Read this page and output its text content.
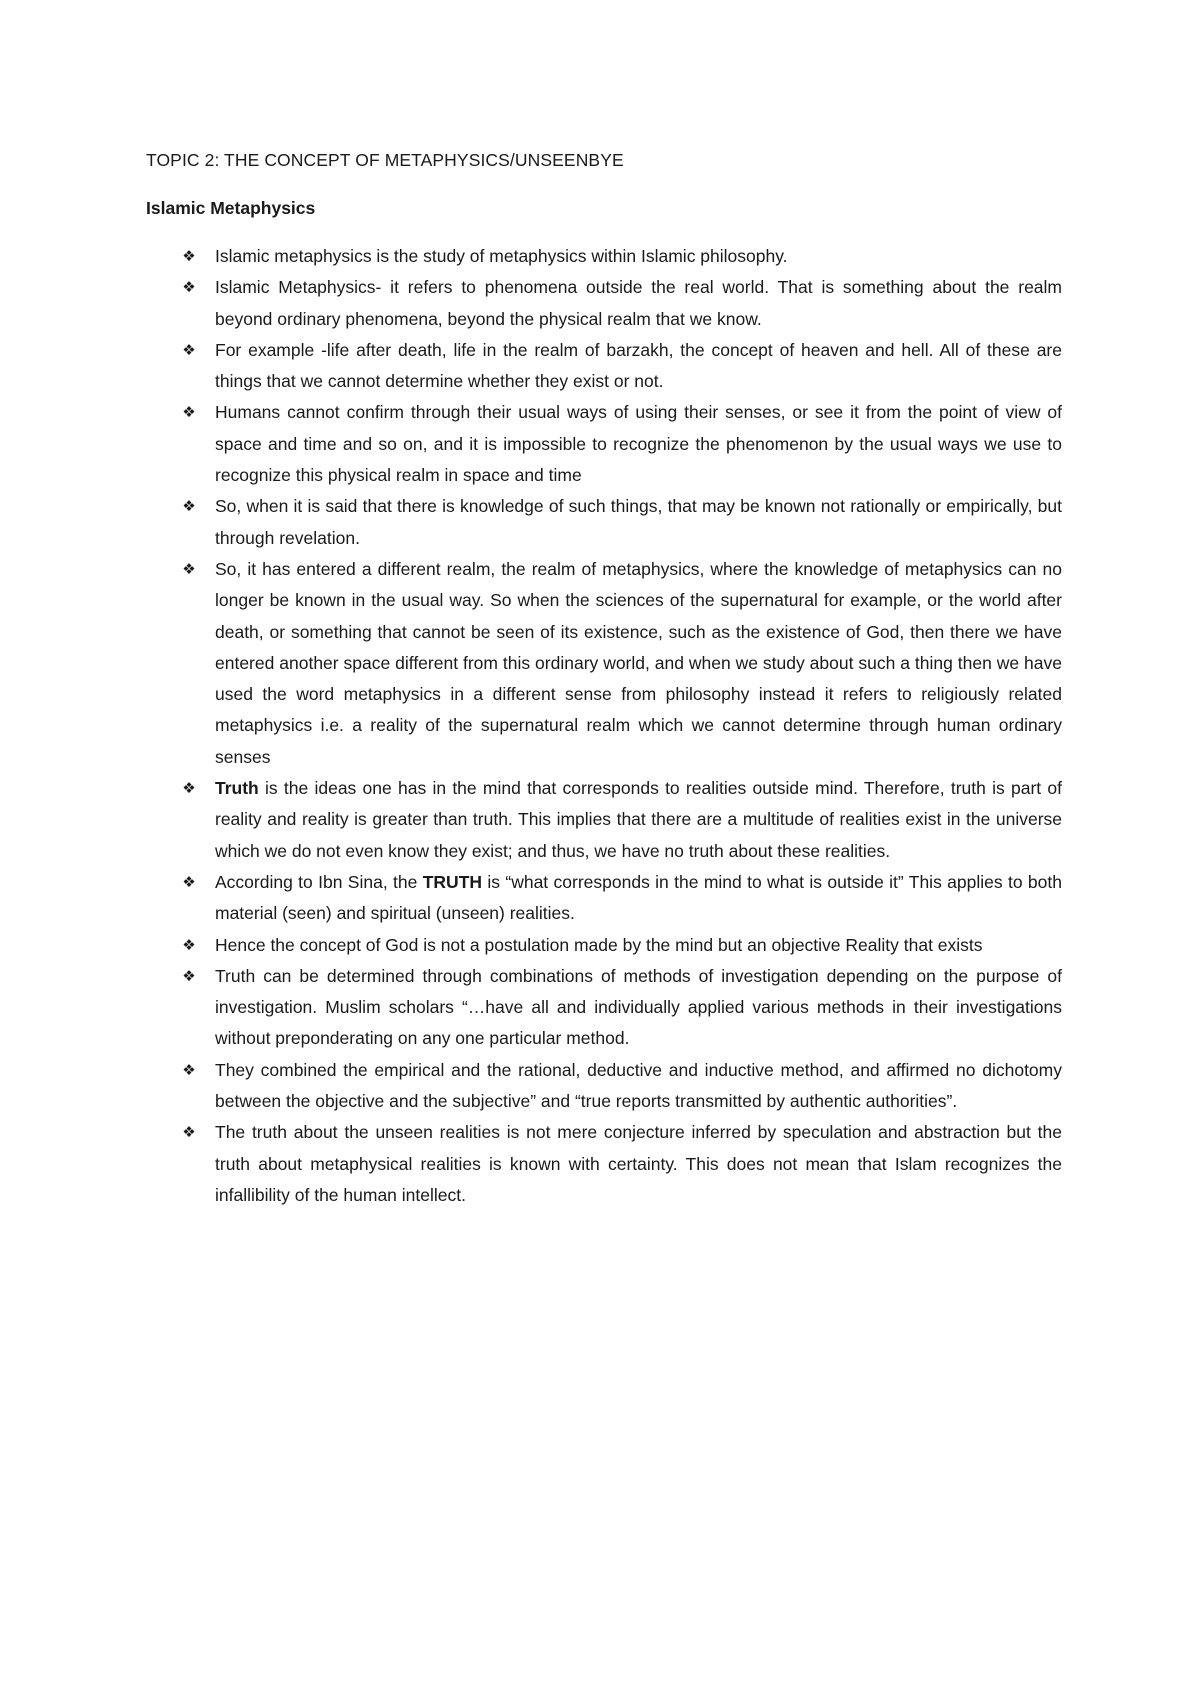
TOPIC 2: THE CONCEPT OF METAPHYSICS/UNSEENBYE
Islamic Metaphysics
❖ Islamic metaphysics is the study of metaphysics within Islamic philosophy.
❖ Islamic Metaphysics- it refers to phenomena outside the real world. That is something about the realm beyond ordinary phenomena, beyond the physical realm that we know.
❖ For example -life after death, life in the realm of barzakh, the concept of heaven and hell. All of these are things that we cannot determine whether they exist or not.
❖ Humans cannot confirm through their usual ways of using their senses, or see it from the point of view of space and time and so on, and it is impossible to recognize the phenomenon by the usual ways we use to recognize this physical realm in space and time
❖ So, when it is said that there is knowledge of such things, that may be known not rationally or empirically, but through revelation.
❖ So, it has entered a different realm, the realm of metaphysics, where the knowledge of metaphysics can no longer be known in the usual way. So when the sciences of the supernatural for example, or the world after death, or something that cannot be seen of its existence, such as the existence of God, then there we have entered another space different from this ordinary world, and when we study about such a thing then we have used the word metaphysics in a different sense from philosophy instead it refers to religiously related metaphysics i.e. a reality of the supernatural realm which we cannot determine through human ordinary senses
❖ Truth is the ideas one has in the mind that corresponds to realities outside mind. Therefore, truth is part of reality and reality is greater than truth. This implies that there are a multitude of realities exist in the universe which we do not even know they exist; and thus, we have no truth about these realities.
❖ According to Ibn Sina, the TRUTH is “what corresponds in the mind to what is outside it” This applies to both material (seen) and spiritual (unseen) realities.
❖ Hence the concept of God is not a postulation made by the mind but an objective Reality that exists
❖ Truth can be determined through combinations of methods of investigation depending on the purpose of investigation. Muslim scholars “…have all and individually applied various methods in their investigations without preponderating on any one particular method.
❖ They combined the empirical and the rational, deductive and inductive method, and affirmed no dichotomy between the objective and the subjective” and “true reports transmitted by authentic authorities”.
❖ The truth about the unseen realities is not mere conjecture inferred by speculation and abstraction but the truth about metaphysical realities is known with certainty. This does not mean that Islam recognizes the infallibility of the human intellect.
